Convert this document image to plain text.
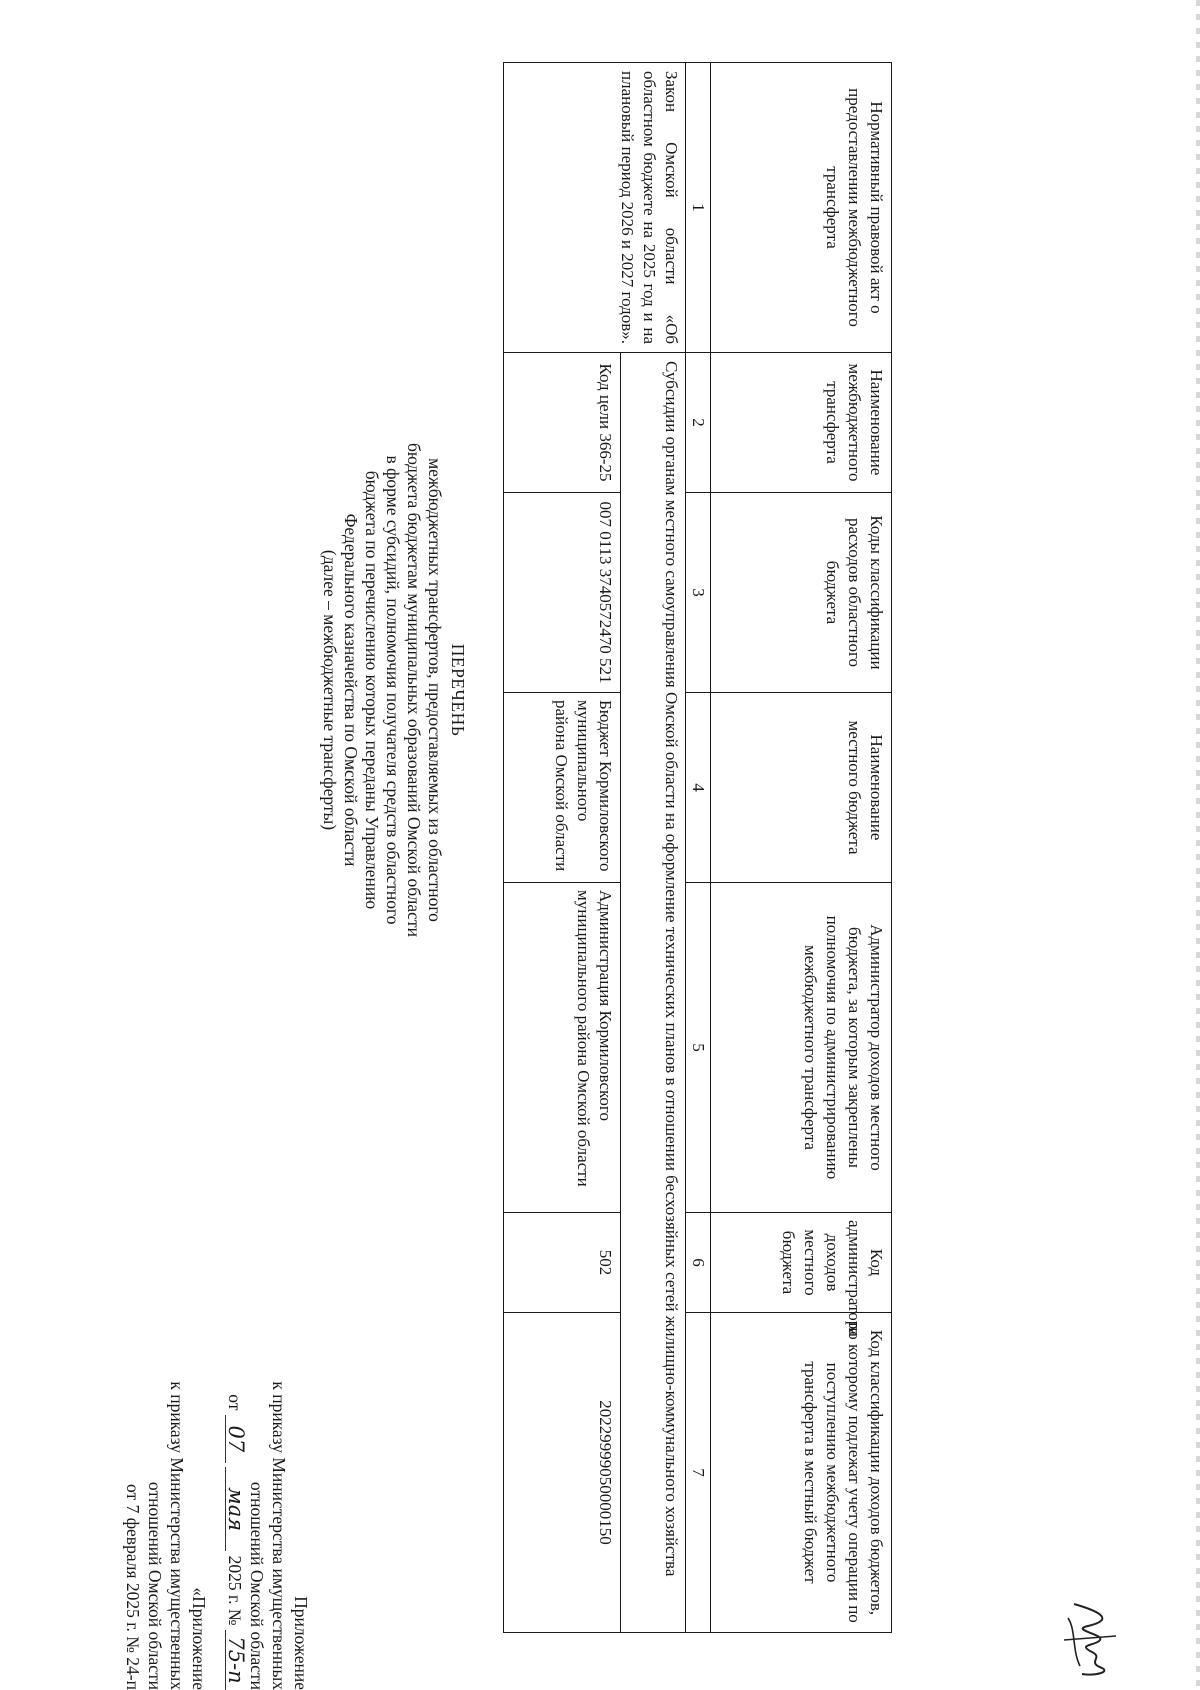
Приложение
к приказу Министерства имущественных
отношений Омской области
от 07 мая 2025 г. № 75-п
«Приложение
к приказу Министерства имущественных
отношений Омской области
от 7 февраля 2025 г. № 24-п
ПЕРЕЧЕНЬ
межбюджетных трансфертов, предоставляемых из областного
бюджета бюджетам муниципальных образований Омской области
в форме субсидий, полномочия получателя средств областного
бюджета по перечислению которых переданы Управлению
Федерального казначейства по Омской области
(далее – межбюджетные трансферты)
Нормативный правовой акт о предоставлении межбюджетного трансферта	Наименование межбюджетного трансферта	Коды классификации расходов областного бюджета	Наименование местного бюджета	Администратор доходов местного бюджета, за которым закреплены полномочия по администрированию межбюджетного трансферта	Код администратора доходов местного бюджета	Код классификации доходов бюджетов, по которому подлежат учету операции по поступлению межбюджетного трансферта в местный бюджет
1	2	3	4	5	6	7
Закон Омской области «Об областном бюджете на 2025 год и на плановый период 2026 и 2027 годов».	Субсидии органам местного самоуправления Омской области на оформление технических планов в отношении бесхозяйных сетей жилищно-коммунального хозяйства					
	Код цели 366-25	007 0113 3740572470 521	Бюджет Кормиловского муниципального района Омской области	Администрация Кормиловского муниципального района Омской области	502	20229999050000150
